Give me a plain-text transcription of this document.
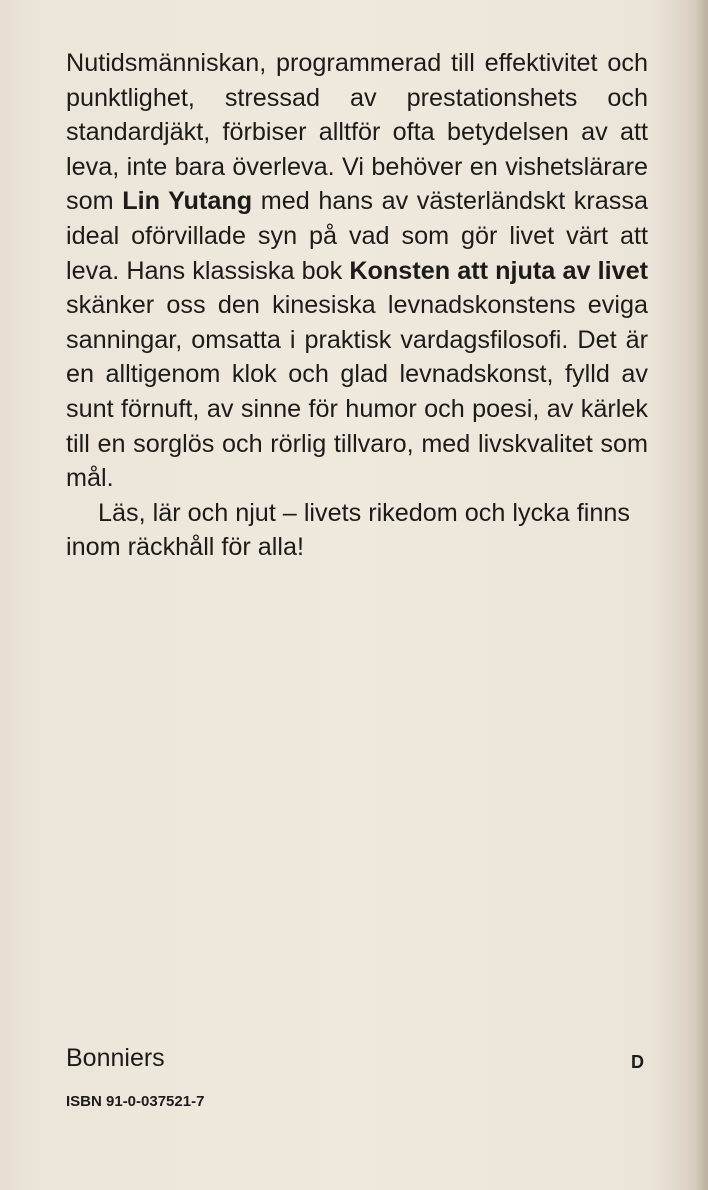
Nutidsmänniskan, programmerad till effektivitet och punktlighet, stressad av prestationshets och standardjäkt, förbiser alltför ofta betydelsen av att leva, inte bara överleva. Vi behöver en vishetslärare som Lin Yutang med hans av västerländskt krassa ideal oförvillade syn på vad som gör livet värt att leva. Hans klassiska bok Konsten att njuta av livet skänker oss den kinesiska levnadskonstens eviga sanningar, omsatta i praktisk vardagsfilosofi. Det är en alltigenom klok och glad levnadskonst, fylld av sunt förnuft, av sinne för humor och poesi, av kärlek till en sorglös och rörlig tillvaro, med livskvalitet som mål.

Läs, lär och njut – livets rikedom och lycka finns inom räckhåll för alla!

Bonniers	D
ISBN 91-0-037521-7
